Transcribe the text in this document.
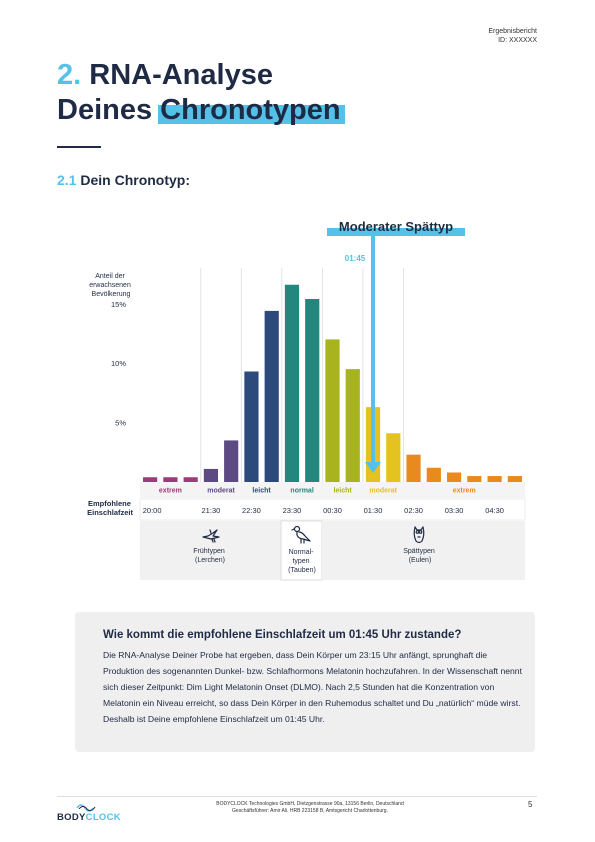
Ergebnisbericht
ID: XXXXXX
2. RNA-Analyse
Deines Chronotypen
2.1 Dein Chronotyp:
Moderater Spättyp
01:45
Anteil der erwachsenen Bevölkerung
5%
10%
15%
extrem	moderat	leicht	normal	leicht	moderat	extrem
Empfohlene Einschlafzeit 20:00	21:30	22:30	23:30	00:30	01:30	02:30	03:30	04:30
Frühtypen (Lerchen)
Normal- typen (Tauben)
Spättypen (Eulen)
Wie kommt die empfohlene Einschlafzeit um 01:45 Uhr zustande?
Die RNA-Analyse Deiner Probe hat ergeben, dass Dein Körper um 23:15 Uhr anfängt, sprunghaft die Produktion des sogenannten Dunkel- bzw. Schlafhormons Melatonin hochzufahren. In der Wissenschaft nennt sich dieser Zeitpunkt: Dim Light Melatonin Onset (DLMO). Nach 2,5 Stunden hat die Konzentration von Melatonin ein Niveau erreicht, so dass Dein Körper in den Ruhemodus schaltet und Du „natürlich“ müde wirst. Deshalb ist Deine empfohlene Einschlafzeit um 01:45 Uhr.
BODYCLOCK
BODYCLOCK Technologies GmbH, Dietzgenstrasse 90a, 13156 Berlin, Deutschland
Geschäftsführer: Amir Ali. HRB 223158 B, Amtsgericht Charlottenburg.
5
